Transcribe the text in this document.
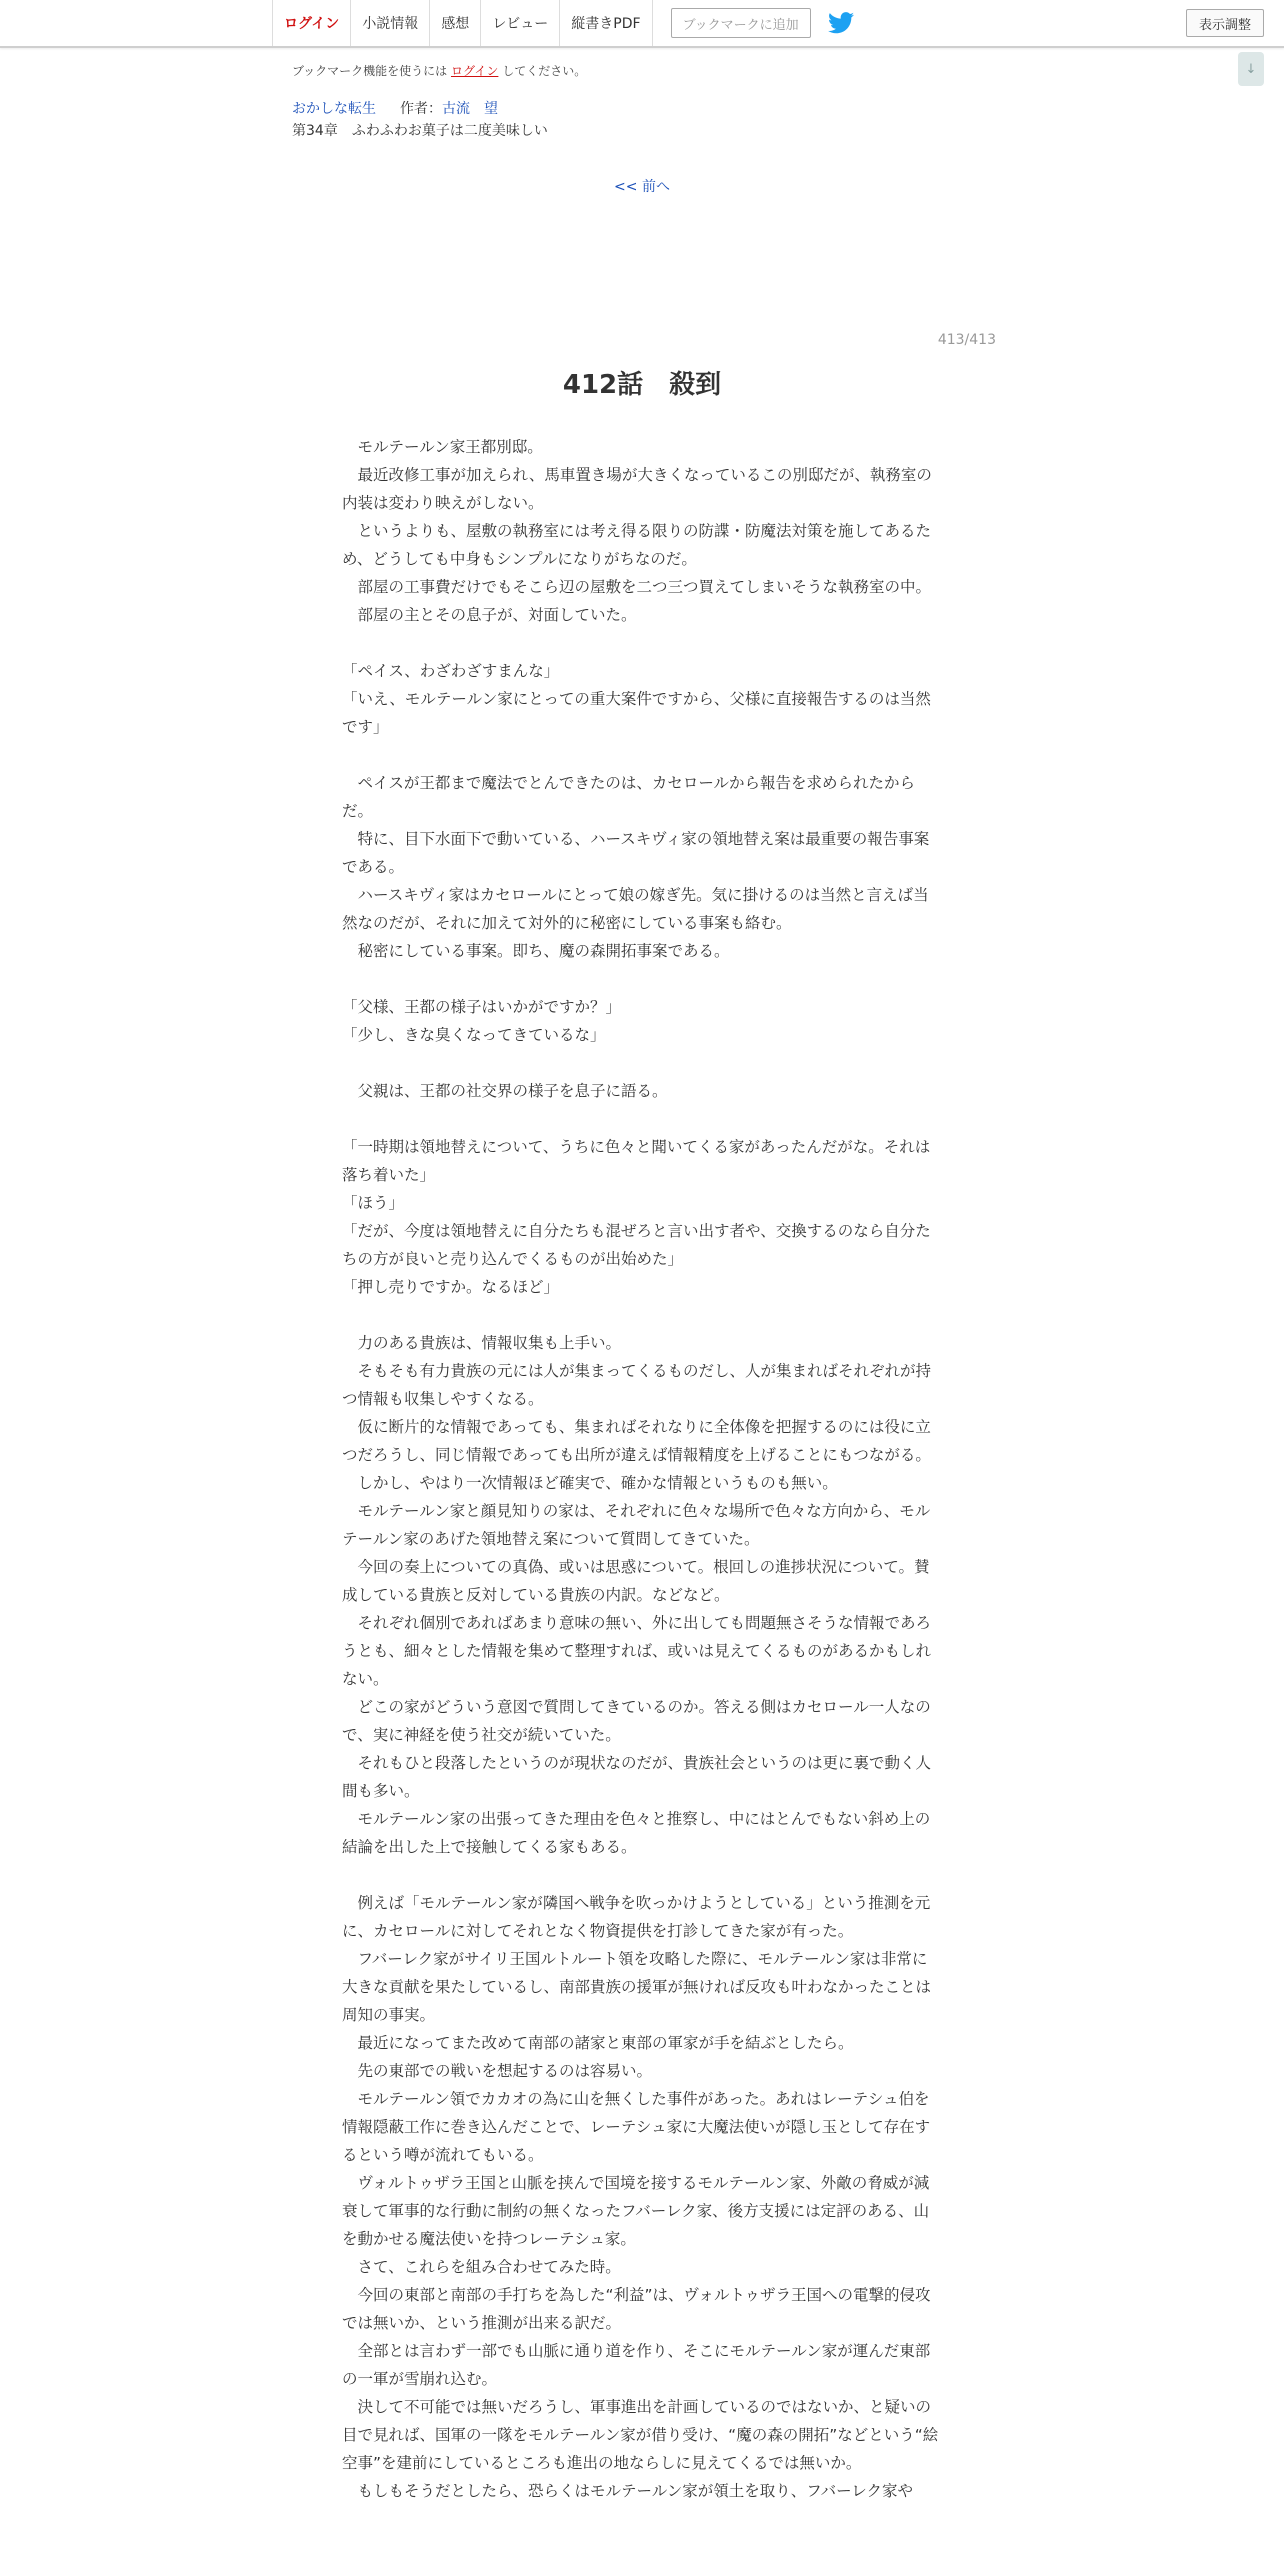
ログイン	小説情報	感想	レビュー	縦書きPDF	ブックマークに追加	表示調整
↓
ブックマーク機能を使うには ログイン してください。
おかしな転生 作者：古流　望
第34章　ふわふわお菓子は二度美味しい
<< 前へ
413/413
412話　殺到

　モルテールン家王都別邸。

　最近改修工事が加えられ、馬車置き場が大きくなっているこの別邸だが、執務室の内装は変わり映えがしない。

　というよりも、屋敷の執務室には考え得る限りの防諜・防魔法対策を施してあるため、どうしても中身もシンプルになりがちなのだ。

　部屋の工事費だけでもそこら辺の屋敷を二つ三つ買えてしまいそうな執務室の中。

　部屋の主とその息子が、対面していた。

「ペイス、わざわざすまんな」

「いえ、モルテールン家にとっての重大案件ですから、父様に直接報告するのは当然です」

　ペイスが王都まで魔法でとんできたのは、カセロールから報告を求められたからだ。

　特に、目下水面下で動いている、ハースキヴィ家の領地替え案は最重要の報告事案である。

　ハースキヴィ家はカセロールにとって娘の嫁ぎ先。気に掛けるのは当然と言えば当然なのだが、それに加えて対外的に秘密にしている事案も絡む。

　秘密にしている事案。即ち、魔の森開拓事案である。

「父様、王都の様子はいかがですか？」

「少し、きな臭くなってきているな」

　父親は、王都の社交界の様子を息子に語る。

「一時期は領地替えについて、うちに色々と聞いてくる家があったんだがな。それは落ち着いた」

「ほう」

「だが、今度は領地替えに自分たちも混ぜろと言い出す者や、交換するのなら自分たちの方が良いと売り込んでくるものが出始めた」

「押し売りですか。なるほど」

　力のある貴族は、情報収集も上手い。

　そもそも有力貴族の元には人が集まってくるものだし、人が集まればそれぞれが持つ情報も収集しやすくなる。

　仮に断片的な情報であっても、集まればそれなりに全体像を把握するのには役に立つだろうし、同じ情報であっても出所が違えば情報精度を上げることにもつながる。

　しかし、やはり一次情報ほど確実で、確かな情報というものも無い。

　モルテールン家と顔見知りの家は、それぞれに色々な場所で色々な方向から、モルテールン家のあげた領地替え案について質問してきていた。

　今回の奏上についての真偽、或いは思惑について。根回しの進捗状況について。賛成している貴族と反対している貴族の内訳。などなど。

　それぞれ個別であればあまり意味の無い、外に出しても問題無さそうな情報であろうとも、細々とした情報を集めて整理すれば、或いは見えてくるものがあるかもしれない。

　どこの家がどういう意図で質問してきているのか。答える側はカセロール一人なので、実に神経を使う社交が続いていた。

　それもひと段落したというのが現状なのだが、貴族社会というのは更に裏で動く人間も多い。

　モルテールン家の出張ってきた理由を色々と推察し、中にはとんでもない斜め上の結論を出した上で接触してくる家もある。

　例えば「モルテールン家が隣国へ戦争を吹っかけようとしている」という推測を元に、カセロールに対してそれとなく物資提供を打診してきた家が有った。

　フバーレク家がサイリ王国ルトルート領を攻略した際に、モルテールン家は非常に大きな貢献を果たしているし、南部貴族の援軍が無ければ反攻も叶わなかったことは周知の事実。

　最近になってまた改めて南部の諸家と東部の軍家が手を結ぶとしたら。

　先の東部での戦いを想起するのは容易い。

　モルテールン領でカカオの為に山を無くした事件があった。あれはレーテシュ伯を情報隠蔽工作に巻き込んだことで、レーテシュ家に大魔法使いが隠し玉として存在するという噂が流れてもいる。

　ヴォルトゥザラ王国と山脈を挟んで国境を接するモルテールン家、外敵の脅威が減衰して軍事的な行動に制約の無くなったフバーレク家、後方支援には定評のある、山を動かせる魔法使いを持つレーテシュ家。

　さて、これらを組み合わせてみた時。

　今回の東部と南部の手打ちを為した“利益”は、ヴォルトゥザラ王国への電撃的侵攻では無いか、という推測が出来る訳だ。

　全部とは言わず一部でも山脈に通り道を作り、そこにモルテールン家が運んだ東部の一軍が雪崩れ込む。

　決して不可能では無いだろうし、軍事進出を計画しているのではないか、と疑いの目で見れば、国軍の一隊をモルテールン家が借り受け、“魔の森の開拓”などという“絵空事”を建前にしているところも進出の地ならしに見えてくるでは無いか。

　もしもそうだとしたら、恐らくはモルテールン家が領土を取り、フバーレク家や
